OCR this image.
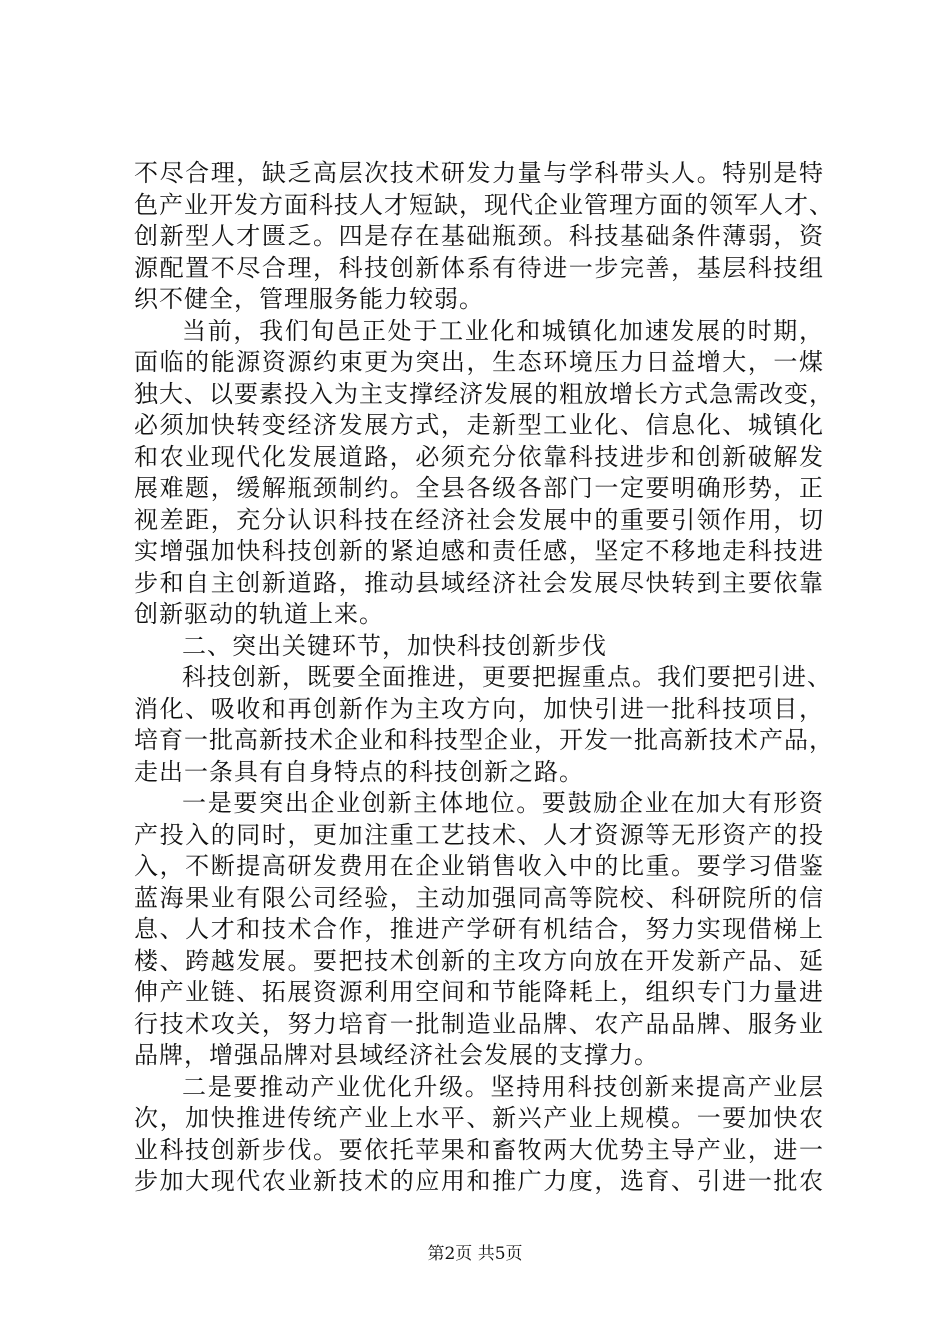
不尽合理，缺乏高层次技术研发力量与学科带头人。特别是特
色产业开发方面科技人才短缺，现代企业管理方面的领军人才、
创新型人才匮乏。四是存在基础瓶颈。科技基础条件薄弱，资
源配置不尽合理，科技创新体系有待进一步完善，基层科技组
织不健全，管理服务能力较弱。
当前，我们旬邑正处于工业化和城镇化加速发展的时期，
面临的能源资源约束更为突出，生态环境压力日益增大，一煤
独大、以要素投入为主支撑经济发展的粗放增长方式急需改变，
必须加快转变经济发展方式，走新型工业化、信息化、城镇化
和农业现代化发展道路，必须充分依靠科技进步和创新破解发
展难题，缓解瓶颈制约。全县各级各部门一定要明确形势，正
视差距，充分认识科技在经济社会发展中的重要引领作用，切
实增强加快科技创新的紧迫感和责任感，坚定不移地走科技进
步和自主创新道路，推动县域经济社会发展尽快转到主要依靠
创新驱动的轨道上来。
二、突出关键环节，加快科技创新步伐
科技创新，既要全面推进，更要把握重点。我们要把引进、
消化、吸收和再创新作为主攻方向，加快引进一批科技项目，
培育一批高新技术企业和科技型企业，开发一批高新技术产品，
走出一条具有自身特点的科技创新之路。
一是要突出企业创新主体地位。要鼓励企业在加大有形资
产投入的同时，更加注重工艺技术、人才资源等无形资产的投
入，不断提高研发费用在企业销售收入中的比重。要学习借鉴
蓝海果业有限公司经验，主动加强同高等院校、科研院所的信
息、人才和技术合作，推进产学研有机结合，努力实现借梯上
楼、跨越发展。要把技术创新的主攻方向放在开发新产品、延
伸产业链、拓展资源利用空间和节能降耗上，组织专门力量进
行技术攻关，努力培育一批制造业品牌、农产品品牌、服务业
品牌，增强品牌对县域经济社会发展的支撑力。
二是要推动产业优化升级。坚持用科技创新来提高产业层
次，加快推进传统产业上水平、新兴产业上规模。一要加快农
业科技创新步伐。要依托苹果和畜牧两大优势主导产业，进一
步加大现代农业新技术的应用和推广力度，选育、引进一批农
第2页 共5页
